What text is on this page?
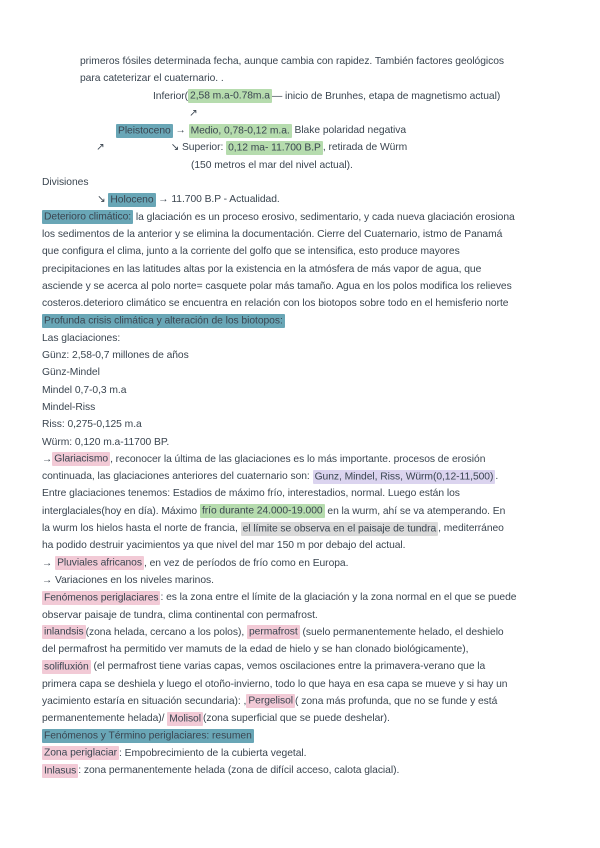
primeros fósiles determinada fecha, aunque cambia con rapidez. También factores geológicos
para cateterizar el cuaternario. .
Inferior( 2,58 m.a-0.78m.a — inicio de Brunhes, etapa de magnetismo actual)
↗
Pleistoceno → Medio, 0,78-0,12 m.a. Blake polaridad negativa
↗	↘ Superior: 0,12 ma- 11.700 B.P , retirada de Würm
(150 metros el mar del nivel actual).
Divisiones
↘ Holoceno → 11.700 B.P - Actualidad.
Deterioro climático: la glaciación es un proceso erosivo, sedimentario, y cada nueva glaciación erosiona
los sedimentos de la anterior y se elimina la documentación. Cierre del Cuaternario, istmo de Panamá
que configura el clima, junto a la corriente del golfo que se intensifica, esto produce mayores
precipitaciones en las latitudes altas por la existencia en la atmósfera de más vapor de agua, que
asciende y se acerca al polo norte= casquete polar más tamaño. Agua en los polos modifica los relieves
costeros.deterioro climático se encuentra en relación con los biotopos sobre todo en el hemisferio norte
Profunda crisis climática y alteración de los biotopos:
Las glaciaciones:
Günz: 2,58-0,7 millones de años
Günz-Mindel
Mindel 0,7-0,3 m.a
Mindel-Riss
Riss: 0,275-0,125 m.a
Würm: 0,120 m.a-11700 BP.
→ Glariacismo , reconocer la última de las glaciaciones es lo más importante. procesos de erosión
continuada, las glaciaciones anteriores del cuaternario son: Gunz, Mindel, Riss, Würm(0,12-11,500) .
Entre glaciaciones tenemos: Estadios de máximo frío, interestadios, normal. Luego están los
interglaciales(hoy en día). Máximo frío durante 24.000-19.000 en la wurm, ahí se va atemperando. En
la wurm los hielos hasta el norte de francia, el límite se observa en el paisaje de tundra , mediterráneo
ha podido destruir yacimientos ya que nivel del mar 150 m por debajo del actual.
→ Pluviales africanos , en vez de períodos de frío como en Europa.
→ Variaciones en los niveles marinos.
Fenómenos periglaciares : es la zona entre el límite de la glaciación y la zona normal en el que se puede
observar paisaje de tundra, clima continental con permafrost.
inlandsis (zona helada, cercano a los polos), permafrost (suelo permanentemente helado, el deshielo
del permafrost ha permitido ver mamuts de la edad de hielo y se han clonado biológicamente),
solifluxión (el permafrost tiene varias capas, vemos oscilaciones entre la primavera-verano que la
primera capa se deshiela y luego el otoño-invierno, todo lo que haya en esa capa se mueve y si hay un
yacimiento estaría en situación secundaria): , Pergelisol ( zona más profunda, que no se funde y está
permanentemente helada)/ Molisol (zona superficial que se puede deshelar).
Fenómenos y Término periglaciares: resumen
Zona periglaciar : Empobrecimiento de la cubierta vegetal.
Inlasus : zona permanentemente helada (zona de difícil acceso, calota glacial).
